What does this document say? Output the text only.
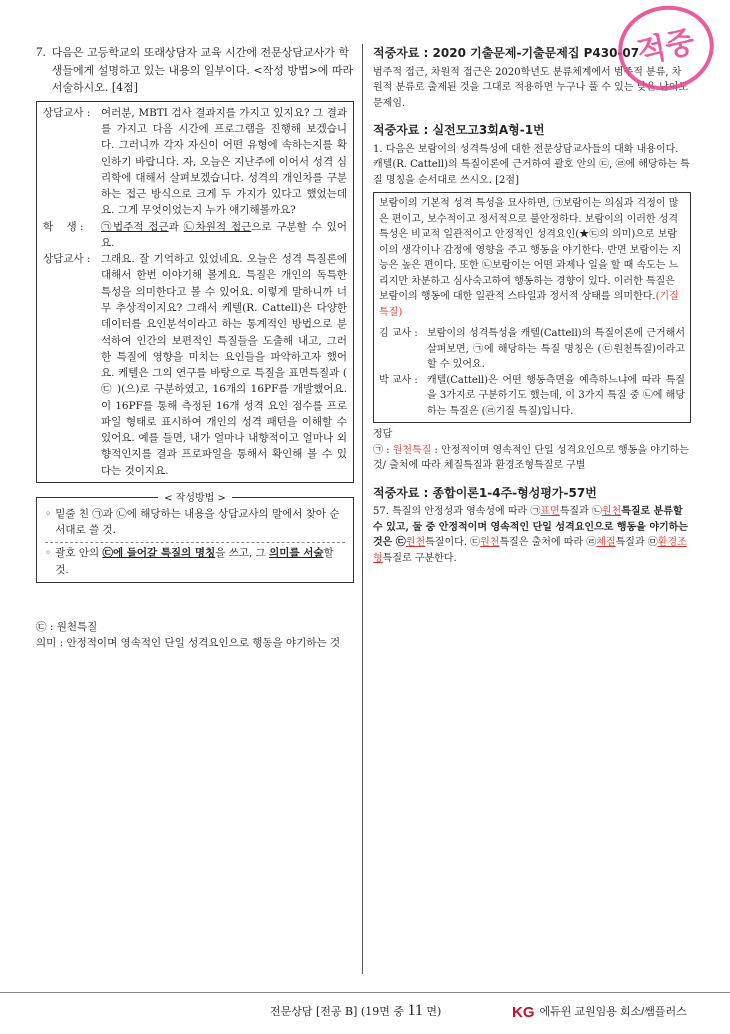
7. 다음은 고등학교의 또래상담자 교육 시간에 전문상담교사가 학생들에게 설명하고 있는 내용의 일부이다. <작성 방법>에 따라 서술하시오. [4점]
상담교사 :	여러분, MBTI 검사 결과지를 가지고 있지요? 그 결과를 가지고 다음 시간에 프로그램을 진행해 보겠습니다. 그러니까 각자 자신이 어떤 유형에 속하는지를 확인하기 바랍니다. 자, 오늘은 지난주에 이어서 성격 심리학에 대해서 살펴보겠습니다. 성격의 개인차를 구분하는 접근 방식으로 크게 두 가지가 있다고 했었는데요. 그게 무엇이었는지 누가 얘기해볼까요?
학    생 :	㉠법주적 접근과 ㉡차원적 접근으로 구분할 수 있어요.
상담교사 :	그래요. 잘 기억하고 있었네요. 오늘은 성격 특질론에 대해서 한번 이야기해 볼게요. 특질은 개인의 독특한 특성을 의미한다고 볼 수 있어요. 이렇게 말하니까 너무 추상적이지요? 그래서 케텔(R. Cattell)은 다양한 데이터를 요인분석이라고 하는 통계적인 방법으로 분석하여 인간의 보편적인 특질들을 도출해 내고, 그러한 특질에 영향을 미치는 요인들을 파악하고자 했어요. 케텔은 그의 연구를 바탕으로 특질을 표면특질과 ( ㉢ )(으)로 구분하였고, 16개의 16PF를 개발했어요. 이 16PF를 통해 측정된 16개 성격 요인 점수를 프로파일 형태로 표시하여 개인의 성격 패턴을 이해할 수 있어요. 예를 들면, 내가 얼마나 내향적이고 얼마나 외향적인지를 결과 프로파일을 통해서 확인해 볼 수 있다는 것이지요.
< 작성방법 >
◦ 밑줄 친 ㉠과 ㉡에 해당하는 내용을 상담교사의 말에서 찾아 순서대로 쓸 것.
◦ 괄호 안의 ㉢에 들어갈 특질의 명칭을 쓰고, 그 의미를 서술할 것.
㉢ : 원천특질
의미 : 안정적이며 영속적인 단일 성격요인으로 행동을 야기하는 것
적중자료 : 2020 기출문제-기출문제집 P430-07
범주적 접근, 차원적 접근은 2020학년도 분류체계에서 범주적 분류, 차원적 분류로 출제된 것을 그대로 적용하면 누구나 풀 수 있는 낮은 난이도 문제임.
적중자료 : 실전모고3회A형-1번
1. 다음은 보람이의 성격특성에 대한 전문상담교사들의 대화 내용이다. 캐텔(R. Cattell)의 특질이론에 근거하여 괄호 안의 ㉢, ㉣에 해당하는 특질 명칭을 순서대로 쓰시오. [2점]
보람이의 기본적 성격 특성을 묘사하면, ㉠보람이는 의심과 걱정이 많은 편이고, 보수적이고 정서적으로 불안정하다. 보람이의 이러한 성격특성은 비교적 일관적이고 안정적인 성격요인(★㉢의 의미)으로 보람이의 생각이나 감정에 영향을 주고 행동을 야기한다. 반면 보람이는 지능은 높은 편이다. 또한 ㉡보람이는 어떤 과제나 일을 할 때 속도는 느리지만 차분하고 심사숙고하여 행동하는 경향이 있다. 이러한 특질은 보람이의 행동에 대한 일관적 스타일과 정서적 상태를 의미한다.(기질특질)
김 교사 : 보람이의 성격특성을 캐텔(Cattell)의 특질이론에 근거해서 살펴보면, ㉠에 해당하는 특질 명칭은 (㉢원천특질)이라고 할 수 있어요.
박 교사 : 캐텔(Cattell)은 어떤 행동측면을 예측하느냐에 따라 특질을 3가지로 구분하기도 했는데, 이 3가지 특질 중 ㉡에 해당하는 특질은 (㉣기질 특질)입니다.
정답
㉠ : 원천특질 : 안정적이며 영속적인 단일 성격요인으로 행동을 야기하는 것/ 출처에 따라 체질특질과 환경조형특질로 구별
적중자료 : 종합이론1-4주-형성평가-57번
57. 특질의 안정성과 영속성에 따라 ㉠표면특질과 ㉡원천특질로 분류할 수 있고, 둘 중 안정적이며 영속적인 단일 성격요인으로 행동을 야기하는 것은 ㉢원천특질이다. ㉢원천특질은 출처에 따라 ㉣체질특질과 ㉤환경조형특질로 구분한다.
적중
전문상담 [전공 B] (19면 중 11 면)	KG 에듀윈 교원임용 회소/쌤플러스
